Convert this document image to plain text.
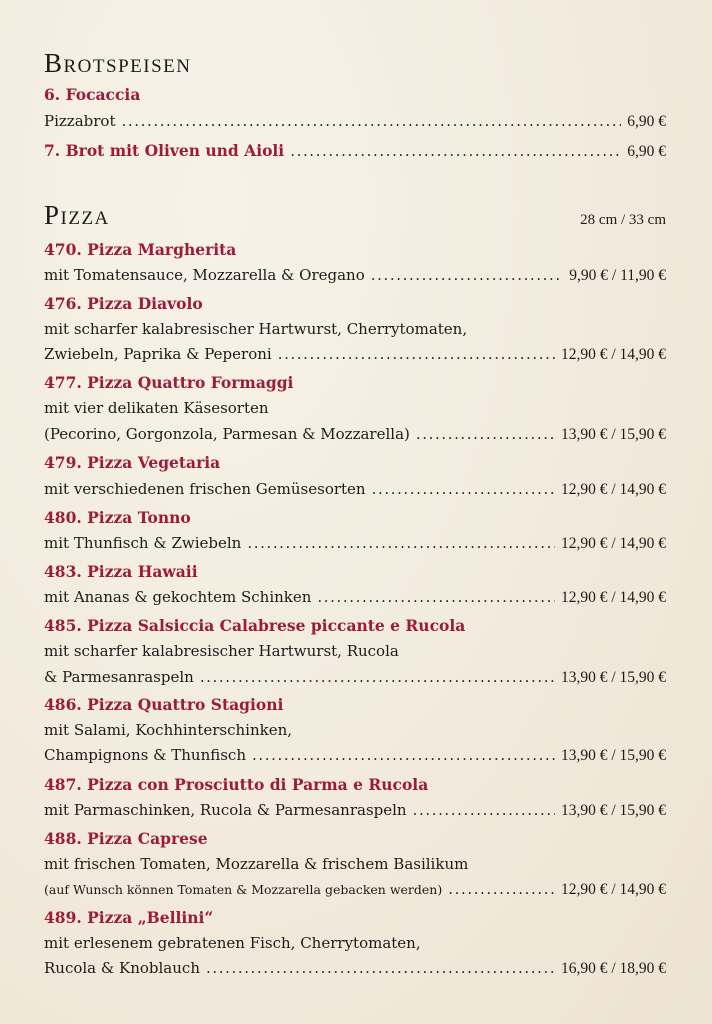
Brotspeisen
6. Focaccia
Pizzabrot .....	6,90 €
7. Brot mit Oliven und Aioli .....	6,90 €
Pizza	28 cm / 33 cm
470. Pizza Margherita
mit Tomatensauce, Mozzarella & Oregano .....	9,90 € / 11,90 €
476. Pizza Diavolo
mit scharfer kalabresischer Hartwurst, Cherrytomaten,
Zwiebeln, Paprika & Peperoni .....	12,90 € / 14,90 €
477. Pizza Quattro Formaggi
mit vier delikaten Käsesorten
(Pecorino, Gorgonzola, Parmesan & Mozzarella) .....	13,90 € / 15,90 €
479. Pizza Vegetaria
mit verschiedenen frischen Gemüsesorten .....	12,90 € / 14,90 €
480. Pizza Tonno
mit Thunfisch & Zwiebeln .....	12,90 € / 14,90 €
483. Pizza Hawaii
mit Ananas & gekochtem Schinken .....	12,90 € / 14,90 €
485. Pizza Salsiccia Calabrese piccante e Rucola
mit scharfer kalabresischer Hartwurst, Rucola
& Parmesanraspeln .....	13,90 € / 15,90 €
486. Pizza Quattro Stagioni
mit Salami, Kochhinterschinken,
Champignons & Thunfisch .....	13,90 € / 15,90 €
487. Pizza con Prosciutto di Parma e Rucola
mit Parmaschinken, Rucola & Parmesanraspeln .....	13,90 € / 15,90 €
488. Pizza Caprese
mit frischen Tomaten, Mozzarella & frischem Basilikum
(auf Wunsch können Tomaten & Mozzarella gebacken werden) .....	12,90 € / 14,90 €
489. Pizza „Bellini“
mit erlesenem gebratenen Fisch, Cherrytomaten,
Rucola & Knoblauch .....	16,90 € / 18,90 €
